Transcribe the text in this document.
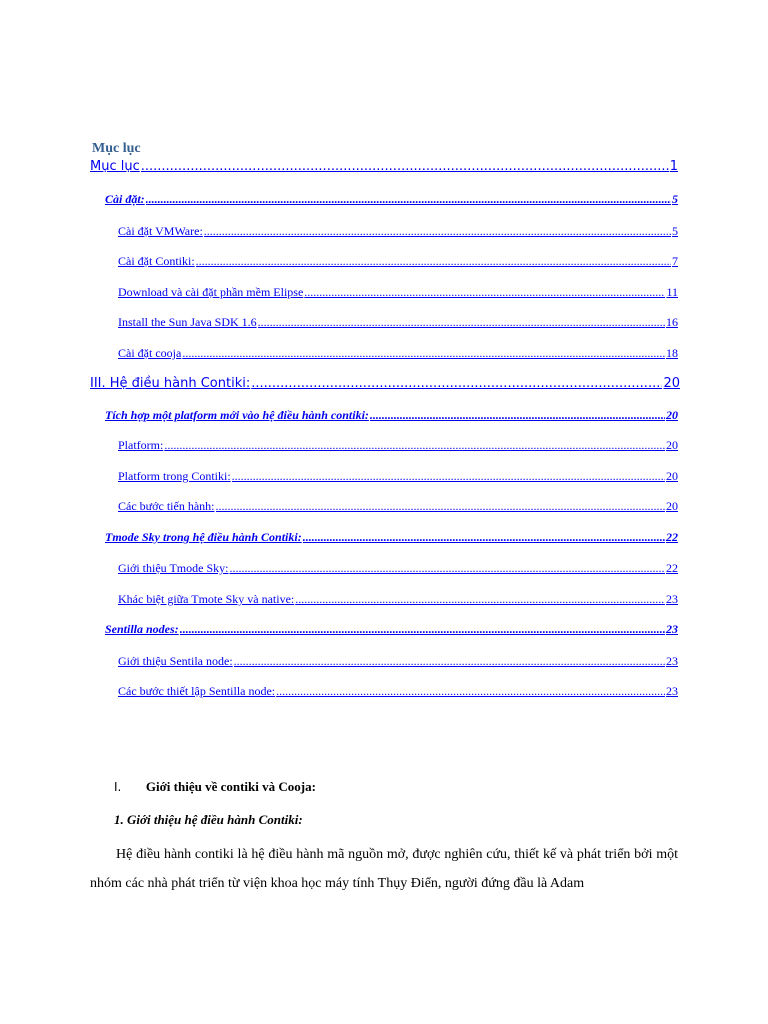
Mục lục
Mục lục .....	1
Cài đặt: .....	5
Cài đặt VMWare: .....	5
Cài đặt Contiki: .....	7
Download và cài đặt phần mềm Elipse .....	11
Install the Sun Java SDK 1.6 .....	16
Cài đặt cooja .....	18
III. Hệ điều hành Contiki: .....	20
Tích hợp một platform mới vào hệ điều hành contiki: .....	20
Platform: .....	20
Platform trong Contiki: .....	20
Các bước tiến hành: .....	20
Tmode Sky trong hệ điều hành Contiki: .....	22
Giới thiệu Tmode Sky: .....	22
Khác biệt giữa Tmote Sky và native: .....	23
Sentilla nodes: .....	23
Giới thiệu Sentila node: .....	23
Các bước thiết lập Sentilla node: .....	23
I. Giới thiệu về contiki và Cooja:
1. Giới thiệu hệ điều hành Contiki:
Hệ điều hành contiki là hệ điều hành mã nguồn mở, được nghiên cứu, thiết kế và phát triển bởi một nhóm các nhà phát triển từ viện khoa học máy tính Thụy Điển, người đứng đầu là Adam
